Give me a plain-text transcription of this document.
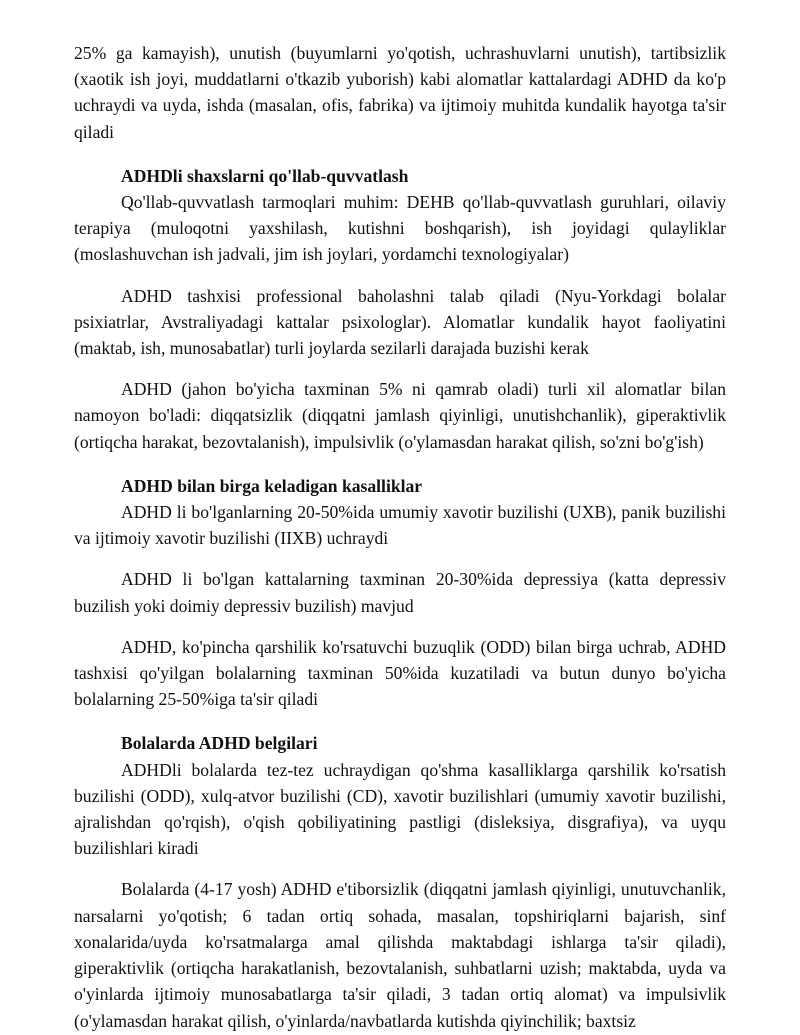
25% ga kamayish), unutish (buyumlarni yo'qotish, uchrashuvlarni unutish), tartibsizlik (xaotik ish joyi, muddatlarni o'tkazib yuborish) kabi alomatlar kattalardagi ADHD da ko'p uchraydi va uyda, ishda (masalan, ofis, fabrika) va ijtimoiy muhitda kundalik hayotga ta'sir qiladi

ADHDli shaxslarni qo'llab-quvvatlash

Qo'llab-quvvatlash tarmoqlari muhim: DEHB qo'llab-quvvatlash guruhlari, oilaviy terapiya (muloqotni yaxshilash, kutishni boshqarish), ish joyidagi qulayliklar (moslashuvchan ish jadvali, jim ish joylari, yordamchi texnologiyalar)

ADHD tashxisi professional baholashni talab qiladi (Nyu-Yorkdagi bolalar psixiatrlar, Avstraliyadagi kattalar psixologlar). Alomatlar kundalik hayot faoliyatini (maktab, ish, munosabatlar) turli joylarda sezilarli darajada buzishi kerak

ADHD (jahon bo'yicha taxminan 5% ni qamrab oladi) turli xil alomatlar bilan namoyon bo'ladi: diqqatsizlik (diqqatni jamlash qiyinligi, unutishchanlik), giperaktivlik (ortiqcha harakat, bezovtalanish), impulsivlik (o'ylamasdan harakat qilish, so'zni bo'g'ish)

ADHD bilan birga keladigan kasalliklar

ADHD li bo'lganlarning 20-50%ida umumiy xavotir buzilishi (UXB), panik buzilishi va ijtimoiy xavotir buzilishi (IIXB) uchraydi

ADHD li bo'lgan kattalarning taxminan 20-30%ida depressiya (katta depressiv buzilish yoki doimiy depressiv buzilish) mavjud

ADHD, ko'pincha qarshilik ko'rsatuvchi buzuqlik (ODD) bilan birga uchrab, ADHD tashxisi qo'yilgan bolalarning taxminan 50%ida kuzatiladi va butun dunyo bo'yicha bolalarning 25-50%iga ta'sir qiladi

Bolalarda ADHD belgilari

ADHDli bolalarda tez-tez uchraydigan qo'shma kasalliklarga qarshilik ko'rsatish buzilishi (ODD), xulq-atvor buzilishi (CD), xavotir buzilishlari (umumiy xavotir buzilishi, ajralishdan qo'rqish), o'qish qobiliyatining pastligi (disleksiya, disgrafiya), va uyqu buzilishlari kiradi

Bolalarda (4-17 yosh) ADHD e'tiborsizlik (diqqatni jamlash qiyinligi, unutuvchanlik, narsalarni yo'qotish; 6 tadan ortiq sohada, masalan, topshiriqlarni bajarish, sinf xonalarida/uyda ko'rsatmalarga amal qilishda maktabdagi ishlarga ta'sir qiladi), giperaktivlik (ortiqcha harakatlanish, bezovtalanish, suhbatlarni uzish; maktabda, uyda va o'yinlarda ijtimoiy munosabatlarga ta'sir qiladi, 3 tadan ortiq alomat) va impulsivlik (o'ylamasdan harakat qilish, o'yinlarda/navbatlarda kutishda qiyinchilik; baxtsiz
